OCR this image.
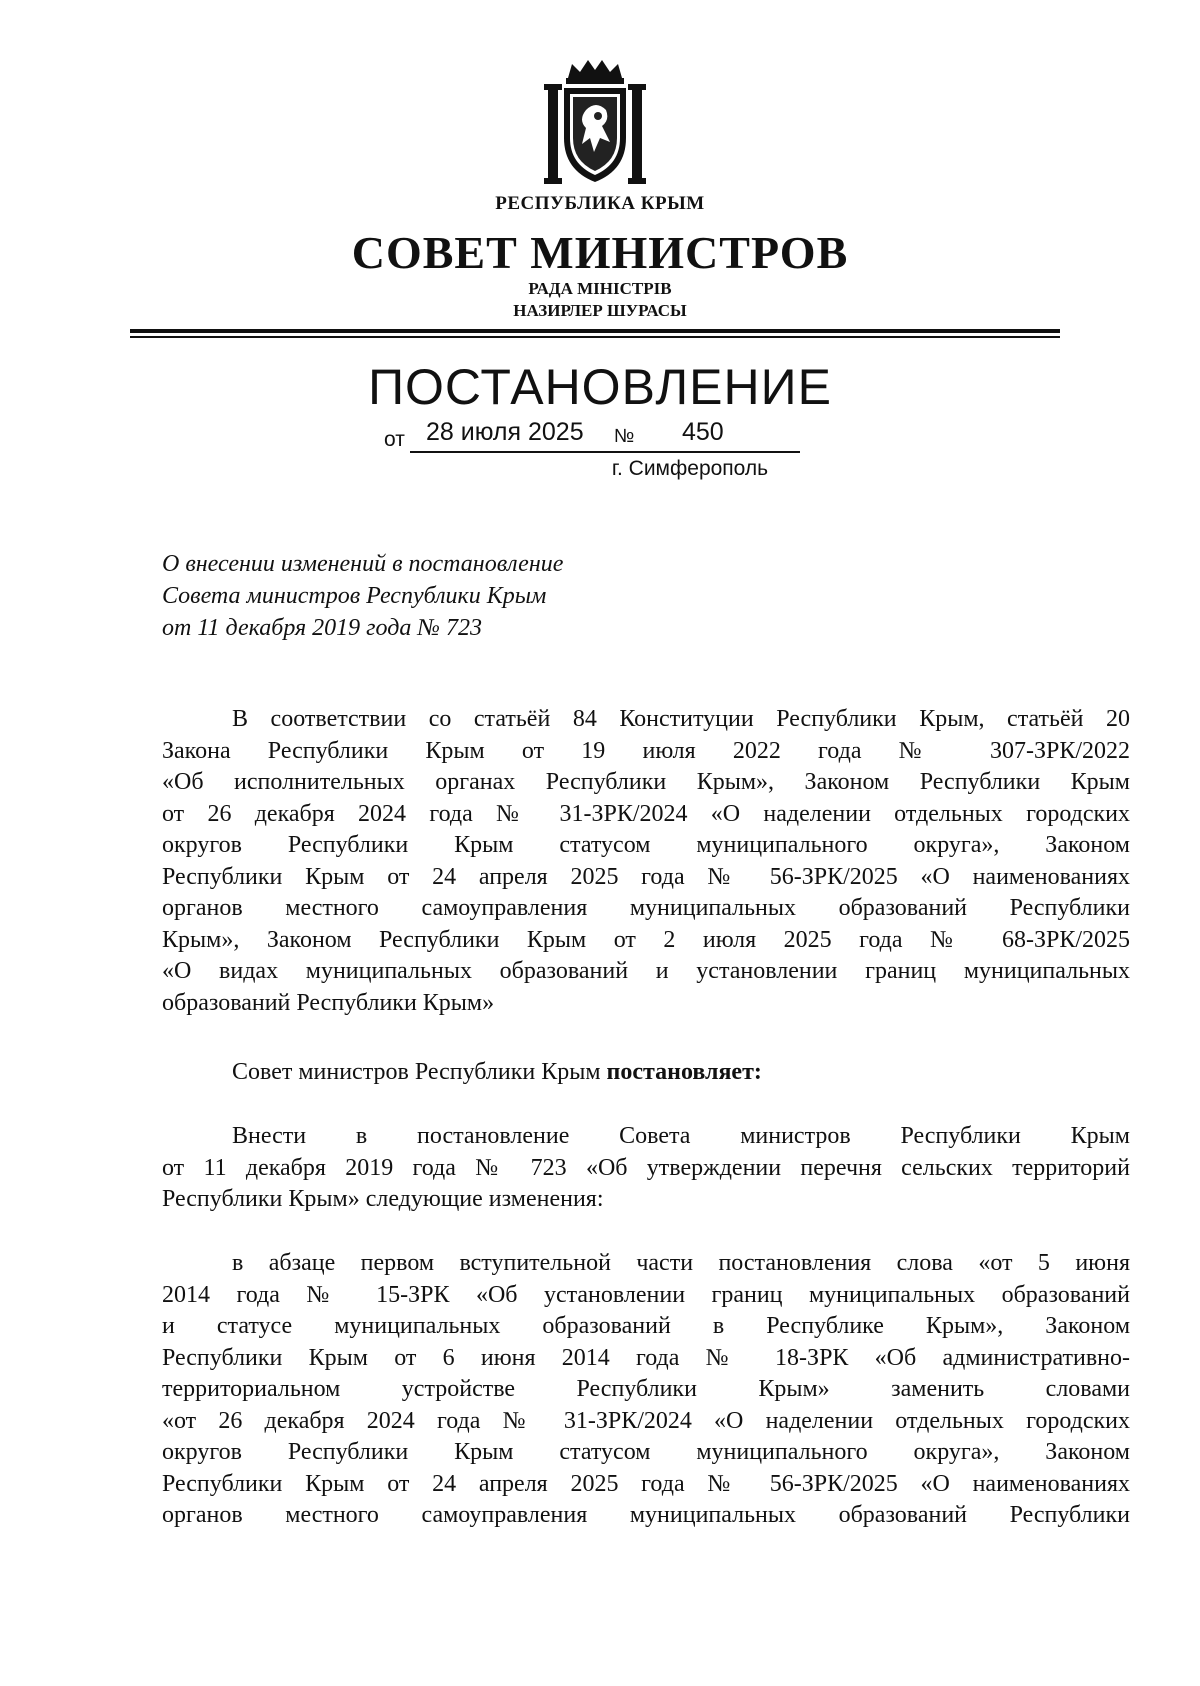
РЕСПУБЛИКА КРЫМ
СОВЕТ МИНИСТРОВ
РАДА МІНІСТРІВ
НАЗИРЛЕР ШУРАСЫ
ПОСТАНОВЛЕНИЕ
от 28 июля 2025 № 450
г. Симферополь
О внесении изменений в постановление
Совета министров Республики Крым
от 11 декабря 2019 года № 723
В соответствии со статьёй 84 Конституции Республики Крым, статьёй 20
Закона Республики Крым от 19 июля 2022 года № 307-ЗРК/2022
«Об исполнительных органах Республики Крым», Законом Республики Крым
от 26 декабря 2024 года № 31-ЗРК/2024 «О наделении отдельных городских
округов Республики Крым статусом муниципального округа», Законом
Республики Крым от 24 апреля 2025 года № 56-ЗРК/2025 «О наименованиях
органов местного самоуправления муниципальных образований Республики
Крым», Законом Республики Крым от 2 июля 2025 года № 68-ЗРК/2025
«О видах муниципальных образований и установлении границ муниципальных
образований Республики Крым»
Совет министров Республики Крым постановляет:
Внести в постановление Совета министров Республики Крым
от 11 декабря 2019 года № 723 «Об утверждении перечня сельских территорий
Республики Крым» следующие изменения:
в абзаце первом вступительной части постановления слова «от 5 июня
2014 года № 15-ЗРК «Об установлении границ муниципальных образований
и статусе муниципальных образований в Республике Крым», Законом
Республики Крым от 6 июня 2014 года № 18-ЗРК «Об административно-
территориальном устройстве Республики Крым» заменить словами
«от 26 декабря 2024 года № 31-ЗРК/2024 «О наделении отдельных городских
округов Республики Крым статусом муниципального округа», Законом
Республики Крым от 24 апреля 2025 года № 56-ЗРК/2025 «О наименованиях
органов местного самоуправления муниципальных образований Республики
